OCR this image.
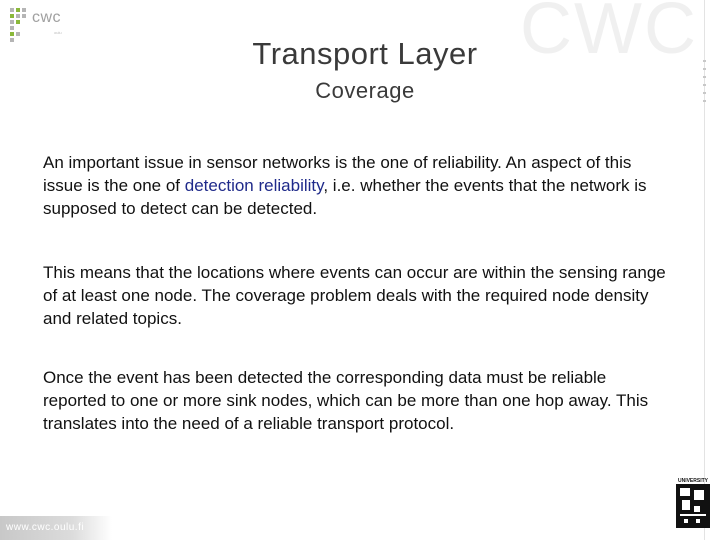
cwc
oulu	CWC
Transport Layer
Coverage
An important issue in sensor networks is the one of reliability. An aspect of this issue is the one of detection reliability, i.e. whether the events that the network is supposed to detect can be detected.
This means that the locations where events can occur are within the sensing range of at least one node. The coverage problem deals with the required node density and related topics.
Once the event has been detected the corresponding data must be reliable reported to one or more sink nodes, which can be more than one hop away. This translates into the need of a reliable transport protocol.
www.cwc.oulu.fi
UNIVERSITY
